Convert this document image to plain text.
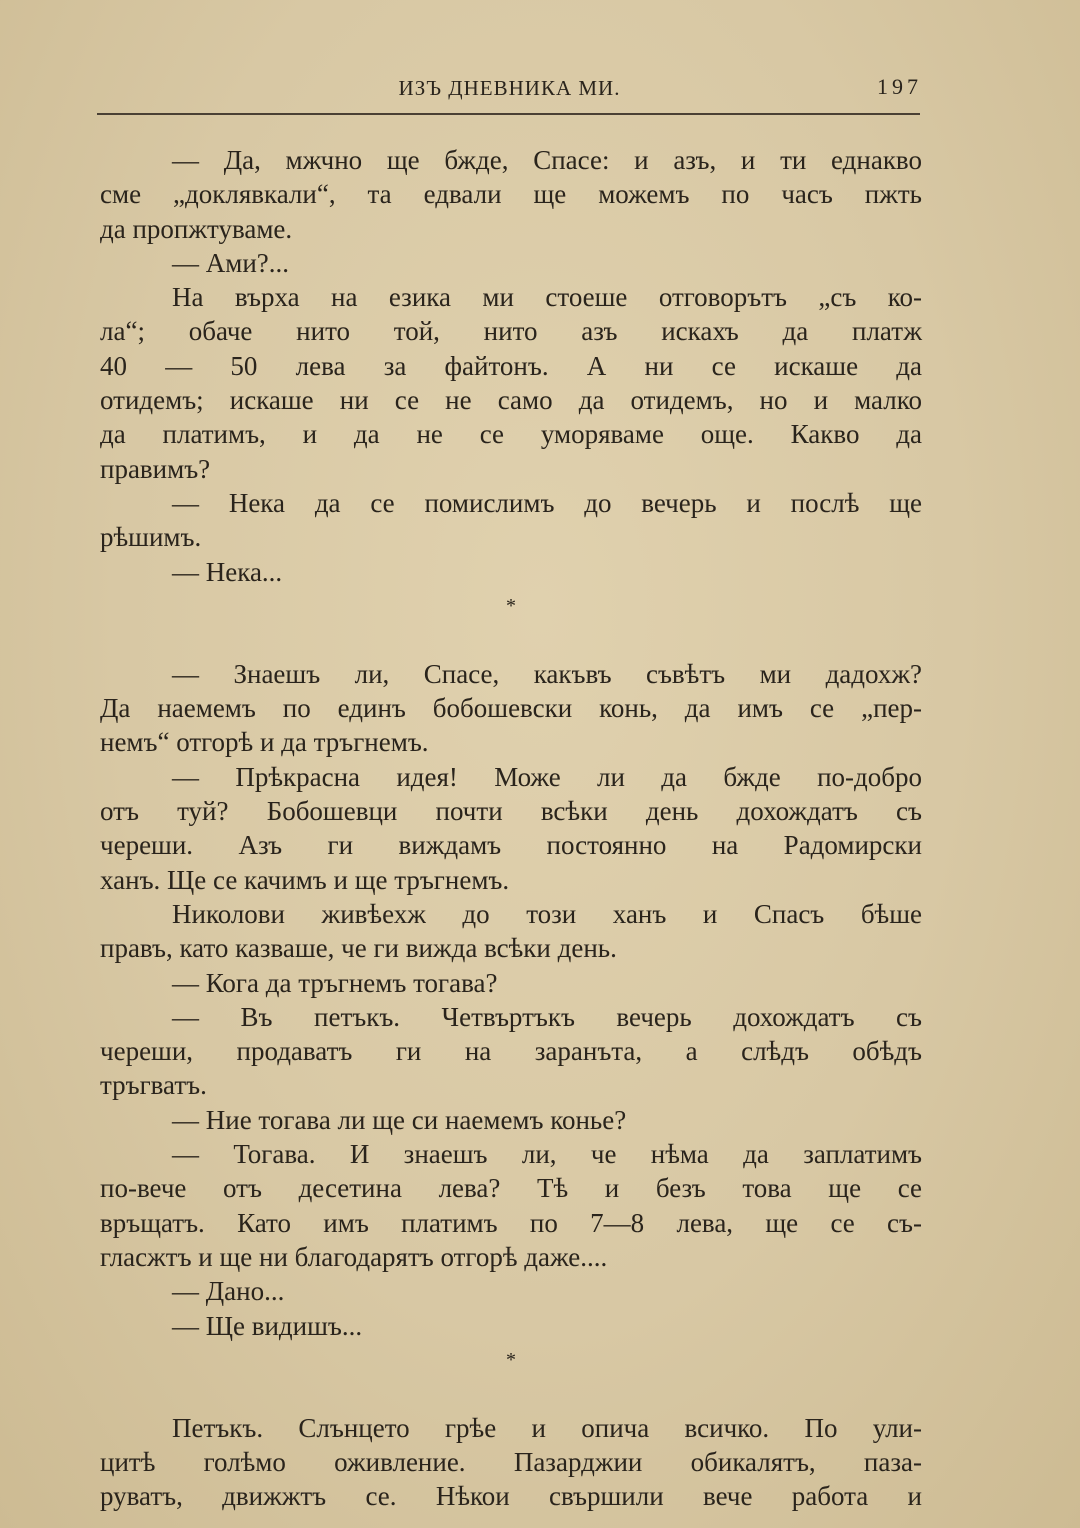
ИЗЪ ДНЕВНИКА МИ.	197
— Да, мжчно ще бжде, Спасе: и азъ, и ти еднакво
сме „доклявкали“, та едвали ще можемъ по часъ пжть
да пропжтуваме.
— Ами?...
На върха на езика ми стоеше отговорътъ „съ ко-
ла“; обаче нито той, нито азъ искахъ да платж
40 — 50 лева за файтонъ. А ни се искаше да
отидемъ; искаше ни се не само да отидемъ, но и малко
да платимъ, и да не се уморяваме още. Какво да
правимъ?
— Нека да се помислимъ до вечерь и послѣ ще
рѣшимъ.
— Нека...
*
— Знаешъ ли, Спасе, какъвъ съвѣтъ ми дадохж?
Да наемемъ по единъ бобошевски конь, да имъ се „пер-
немъ“ отгорѣ и да тръгнемъ.
— Прѣкрасна идея! Може ли да бжде по-добро
отъ туй? Бобошевци почти всѣки день дохождатъ съ
череши. Азъ ги виждамъ постоянно на Радомирски
ханъ. Ще се качимъ и ще тръгнемъ.
Николови живѣехж до този ханъ и Спасъ бѣше
правъ, като казваше, че ги вижда всѣки день.
— Кога да тръгнемъ тогава?
— Въ петъкъ. Четвъртъкъ вечерь дохождатъ съ
череши, продаватъ ги на заранъта, а слѣдъ обѣдъ
тръгватъ.
— Ние тогава ли ще си наемемъ коньe?
— Тогава. И знаешъ ли, че нѣма да заплатимъ
по-вече отъ десетина лева? Тѣ и безъ това ще се
връщатъ. Като имъ платимъ по 7—8 лева, ще се съ-
гласжтъ и ще ни благодарятъ отгорѣ даже....
— Дано...
— Ще видишъ...
*
Петъкъ. Слънцето грѣе и опича всичко. По ули-
цитѣ голѣмо оживление. Пазарджии обикалятъ, паза-
руватъ, движжтъ се. Нѣкои свършили вече работа и
